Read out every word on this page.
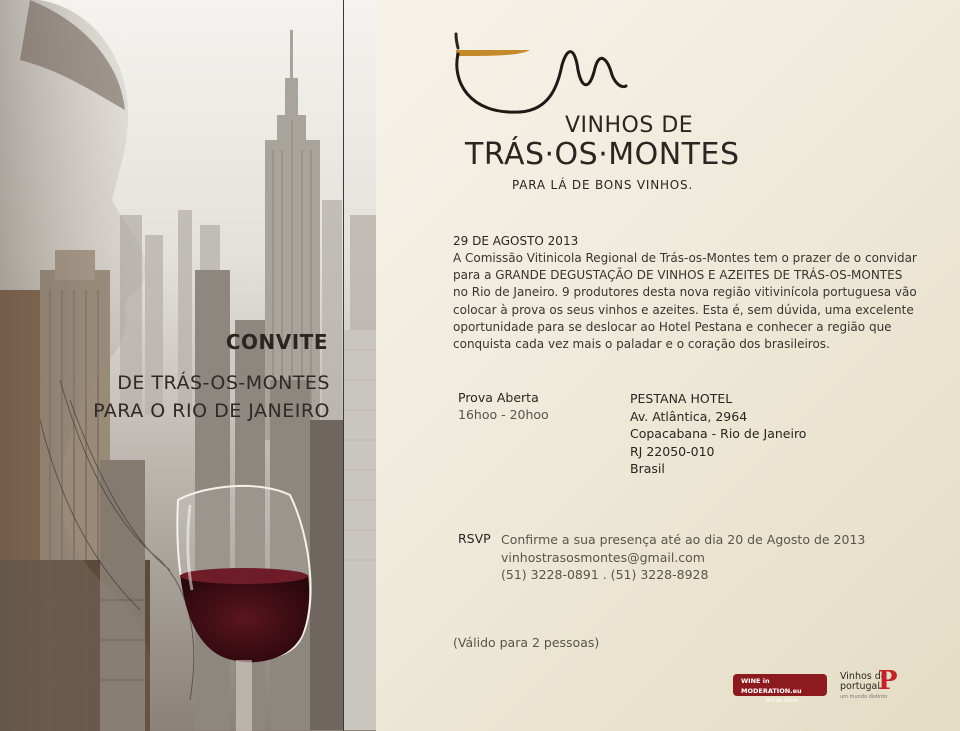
CONVITE
DE TRÁS-OS-MONTES
PARA O RIO DE JANEIRO
VINHOS DE
TRÁS·OS·MONTES
PARA LÁ DE BONS VINHOS.
29 DE AGOSTO 2013
A Comissão Vitinicola Regional de Trás-os-Montes tem o prazer de o convidar
para a GRANDE DEGUSTAÇÃO DE VINHOS E AZEITES DE TRÁS-OS-MONTES
no Rio de Janeiro. 9 produtores desta nova região vitivinícola portuguesa vão
colocar à prova os seus vinhos e azeites. Esta é, sem dúvida, uma excelente
oportunidade para se deslocar ao Hotel Pestana e conhecer a região que
conquista cada vez mais o paladar e o coração dos brasileiros.
Prova Aberta
16hoo - 20hoo
PESTANA HOTEL
Av. Atlântica, 2964
Copacabana - Rio de Janeiro
RJ 22050-010
Brasil
RSVP Confirme a sua presença até ao dia 20 de Agosto de 2013
vinhostrasosmontes@gmail.com
(51) 3228-0891 . (51) 3228-8928
(Válido para 2 pessoas)
WINE in MODERATION.eu
Art de Vivre
Vinhos de
portugal
um mundo distinto
P
